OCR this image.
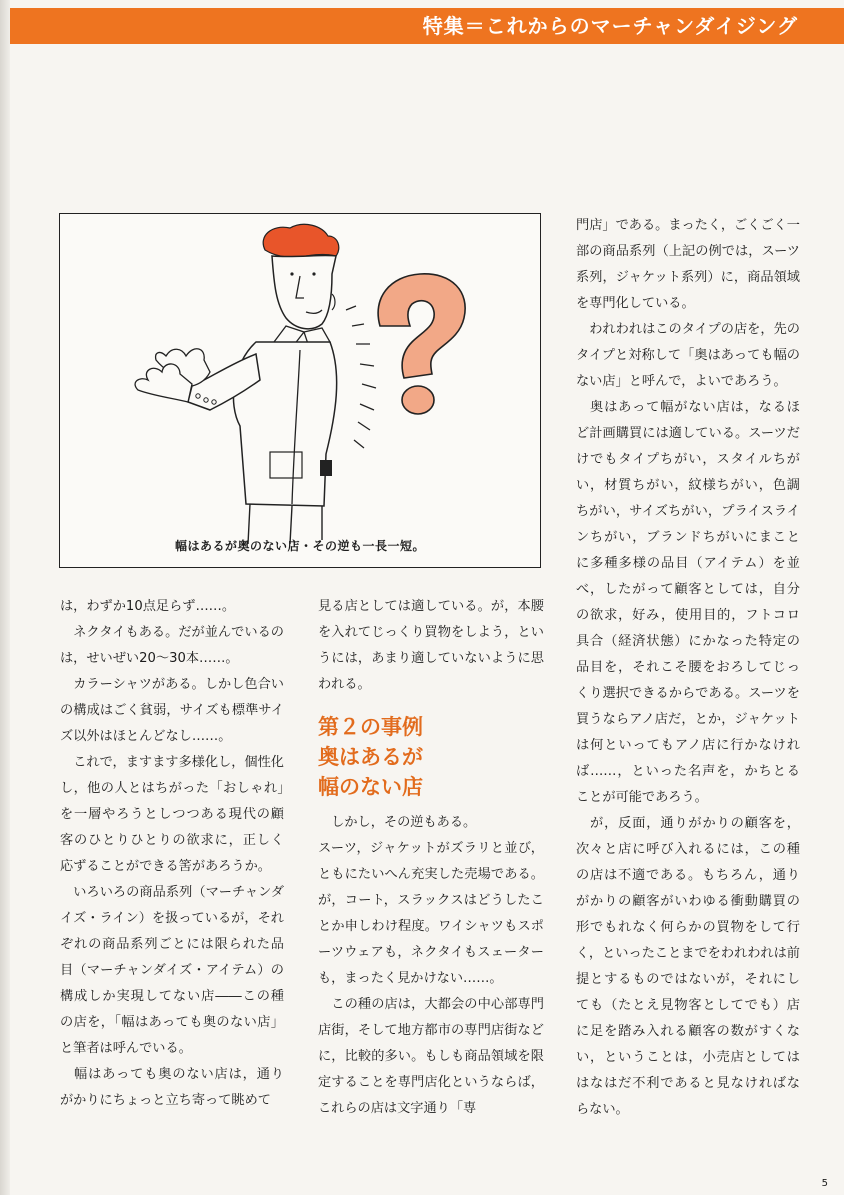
特集＝これからのマーチャンダイジング
幅はあるが奥のない店・その逆も一長一短。

は，わずか10点足らず……。

　ネクタイもある。だが並んでいるのは，せいぜい20～30本……。

　カラーシャツがある。しかし色合いの構成はごく貧弱，サイズも標準サイズ以外はほとんどなし……。

　これで，ますます多様化し，個性化し，他の人とはちがった「おしゃれ」を一層やろうとしつつある現代の顧客のひとりひとりの欲求に，正しく応ずることができる筈があろうか。

　いろいろの商品系列（マーチャンダイズ・ライン）を扱っているが，それぞれの商品系列ごとには限られた品目（マーチャンダイズ・アイテム）の構成しか実現してない店――この種の店を，「幅はあっても奥のない店」と筆者は呼んでいる。

　幅はあっても奥のない店は，通りがかりにちょっと立ち寄って眺めて

見る店としては適している。が，本腰を入れてじっくり買物をしよう，というには，あまり適していないように思われる。

第２の事例
奥はあるが
幅のない店

　しかし，その逆もある。

スーツ，ジャケットがズラリと並び，ともにたいへん充実した売場である。が，コート，スラックスはどうしたことか申しわけ程度。ワイシャツもスポーツウェアも，ネクタイもスェーターも，まったく見かけない……。

　この種の店は，大都会の中心部専門店街，そして地方都市の専門店街などに，比較的多い。もしも商品領域を限定することを専門店化というならば，これらの店は文字通り「専

門店」である。まったく，ごくごく一部の商品系列（上記の例では，スーツ系列，ジャケット系列）に，商品領域を専門化している。

　われわれはこのタイプの店を，先のタイプと対称して「奥はあっても幅のない店」と呼んで，よいであろう。

　奥はあって幅がない店は，なるほど計画購買には適している。スーツだけでもタイプちがい，スタイルちがい，材質ちがい，紋様ちがい，色調ちがい，サイズちがい，プライスラインちがい，ブランドちがいにまことに多種多様の品目（アイテム）を並べ，したがって顧客としては，自分の欲求，好み，使用目的，フトコロ具合（経済状態）にかなった特定の品目を，それこそ腰をおろしてじっくり選択できるからである。スーツを買うならアノ店だ，とか，ジャケットは何といってもアノ店に行かなければ……，といった名声を，かちとることが可能であろう。

　が，反面，通りがかりの顧客を，次々と店に呼び入れるには，この種の店は不適である。もちろん，通りがかりの顧客がいわゆる衝動購買の形でもれなく何らかの買物をして行く，といったことまでをわれわれは前提とするものではないが，それにしても（たとえ見物客としてでも）店に足を踏み入れる顧客の数がすくない，ということは，小売店としてははなはだ不利であると見なければならない。

5
